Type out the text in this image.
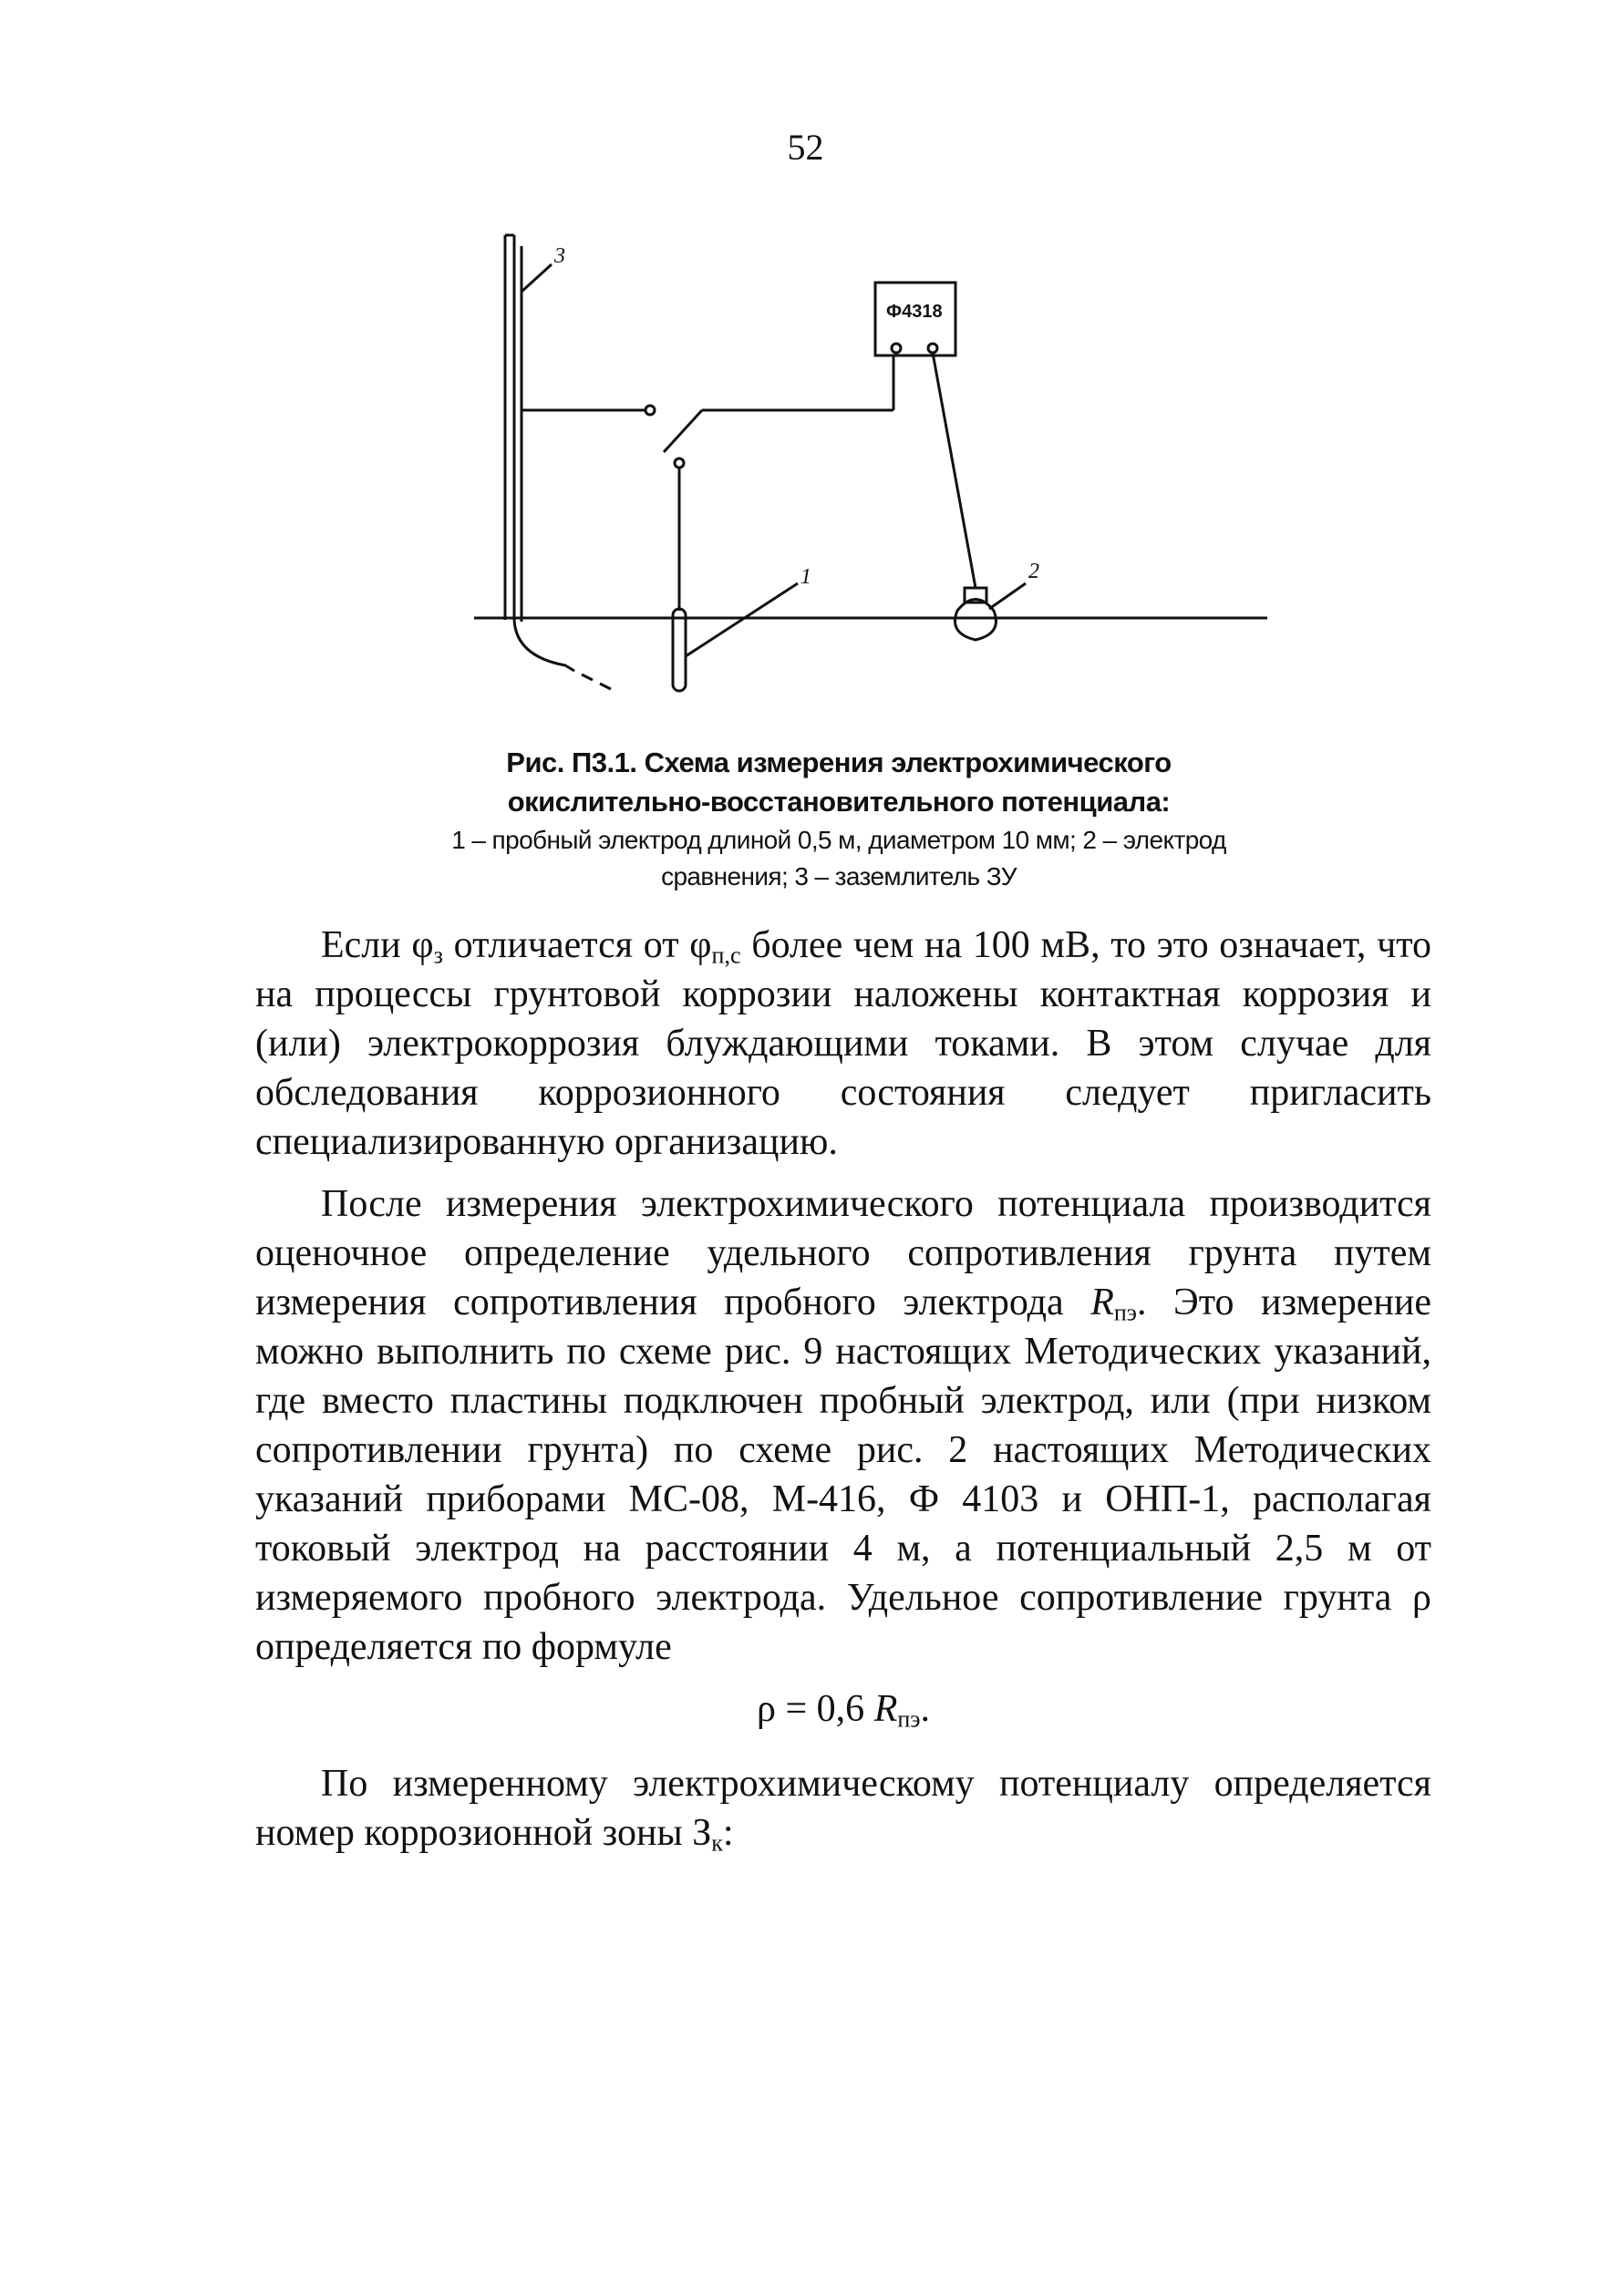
52
Ф4318
3
1	2
Рис. П3.1. Схема измерения электрохимического
окислительно-восстановительного потенциала:
1 – пробный электрод длиной 0,5 м, диаметром 10 мм; 2 – электрод
сравнения; 3 – заземлитель ЗУ

Если $\varphi_з$ отличается от $\varphi_{п,с}$ более чем на 100 мВ, то это означает, что на процессы грунтовой коррозии наложены контактная коррозия и (или) электрокоррозия блуждающими токами. В этом случае для обследования коррозионного состояния следует пригласить специализированную организацию.

После измерения электрохимического потенциала производится оценочное определение удельного сопротивления грунта путем измерения сопротивления пробного электрода $R_{пэ}$. Это измерение можно выполнить по схеме рис. 9 настоящих Методических указаний, где вместо пластины подключен пробный электрод, или (при низком сопротивлении грунта) по схеме рис. 2 настоящих Методических указаний приборами МС-08, М-416, Ф 4103 и ОНП-1, располагая токовый электрод на расстоянии 4 м, а потенциальный 2,5 м от измеряемого пробного электрода. Удельное сопротивление грунта ρ определяется по формуле

ρ = 0,6 $R_{пэ}$.

По измеренному электрохимическому потенциалу определяется номер коррозионной зоны $З_к$:
